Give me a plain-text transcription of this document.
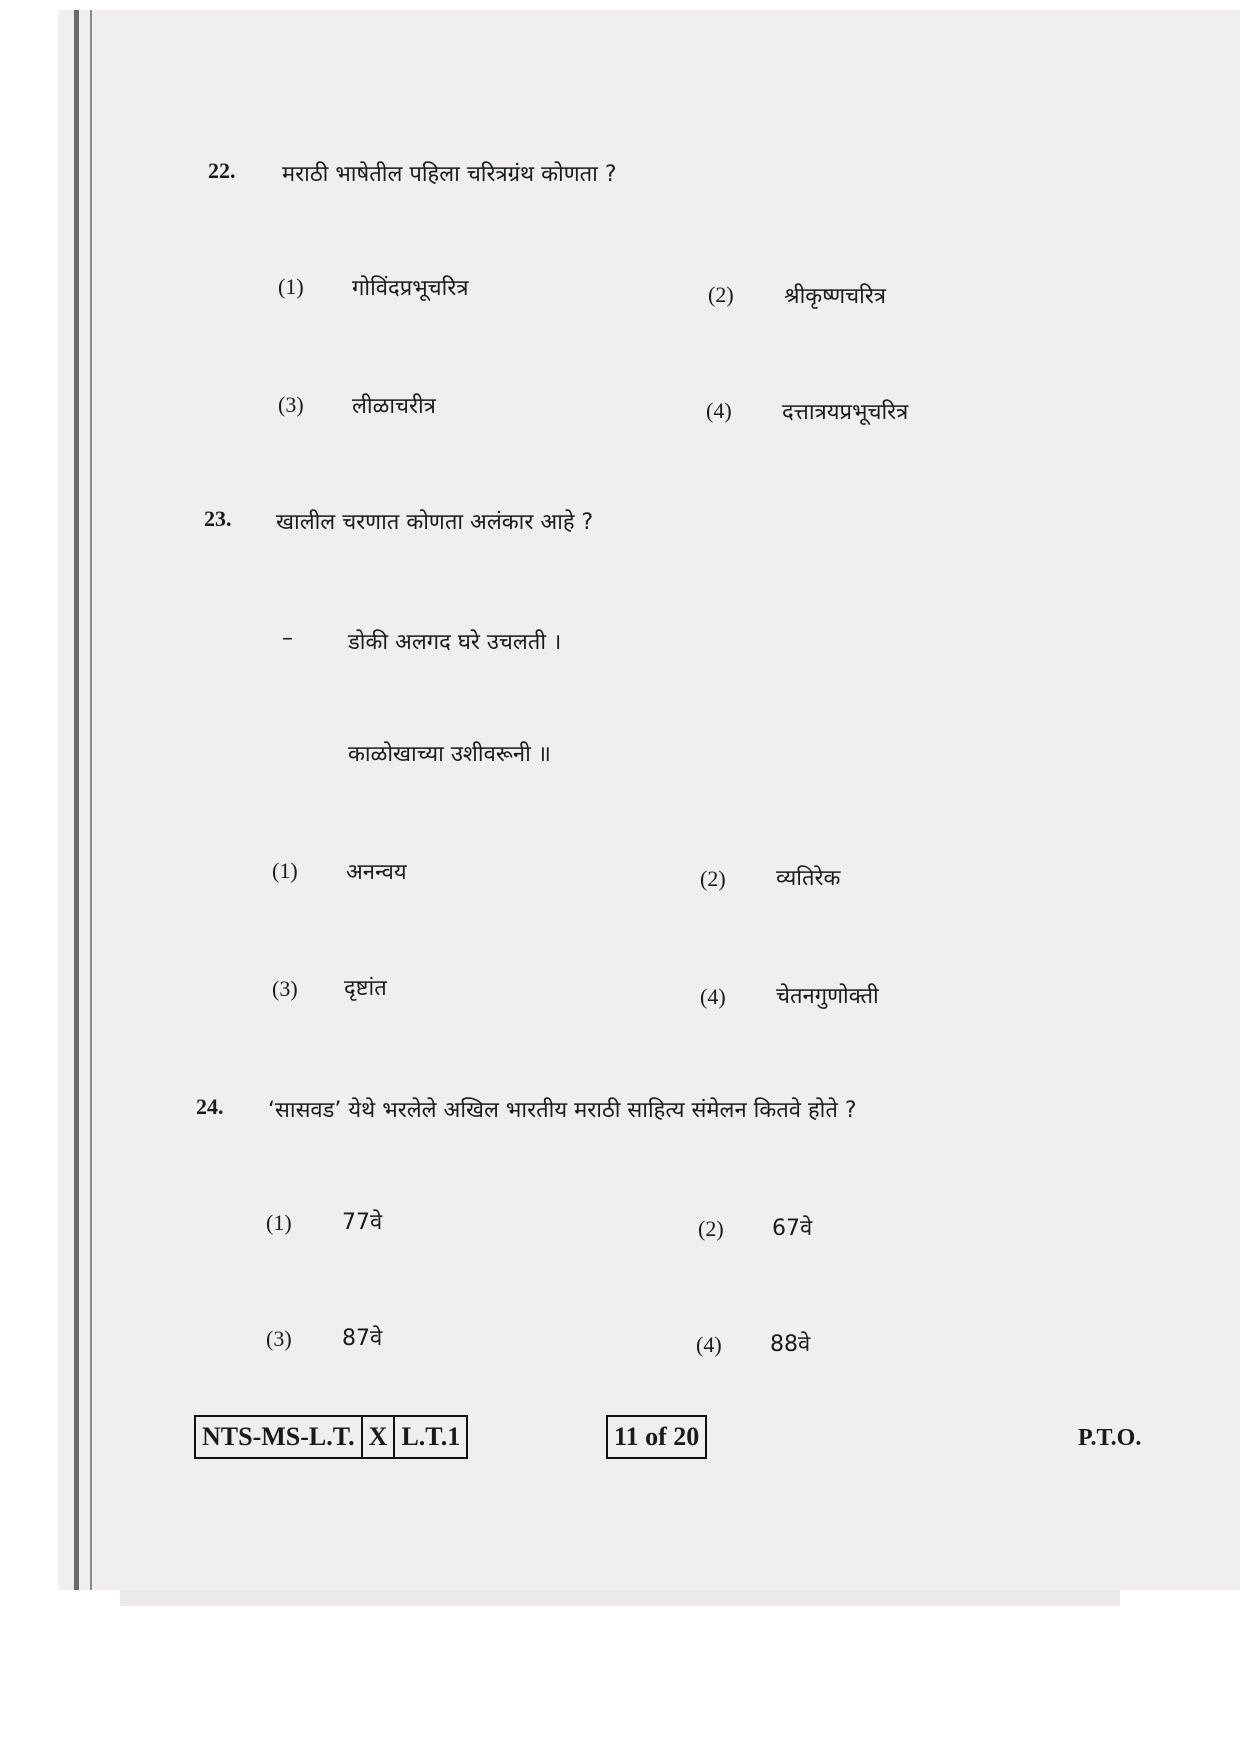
22. मराठी भाषेतील पहिला चरित्रग्रंथ कोणता ?
(1) गोविंदप्रभूचरित्र	(2) श्रीकृष्णचरित्र
(3) लीळाचरीत्र	(4) दत्तात्रयप्रभूचरित्र
23. खालील चरणात कोणता अलंकार आहे ?
–	डोकी अलगद घरे उचलती ।
काळोखाच्या उशीवरूनी ॥
(1) अनन्वय	(2) व्यतिरेक
(3) दृष्टांत	(4) चेतनगुणोक्ती
24. ‘सासवड’ येथे भरलेले अखिल भारतीय मराठी साहित्य संमेलन कितवे होते ?
(1) 77वे	(2) 67वे
(3) 87वे	(4) 88वे
NTS-MS-L.T. X L.T.1	11 of 20	P.T.O.
